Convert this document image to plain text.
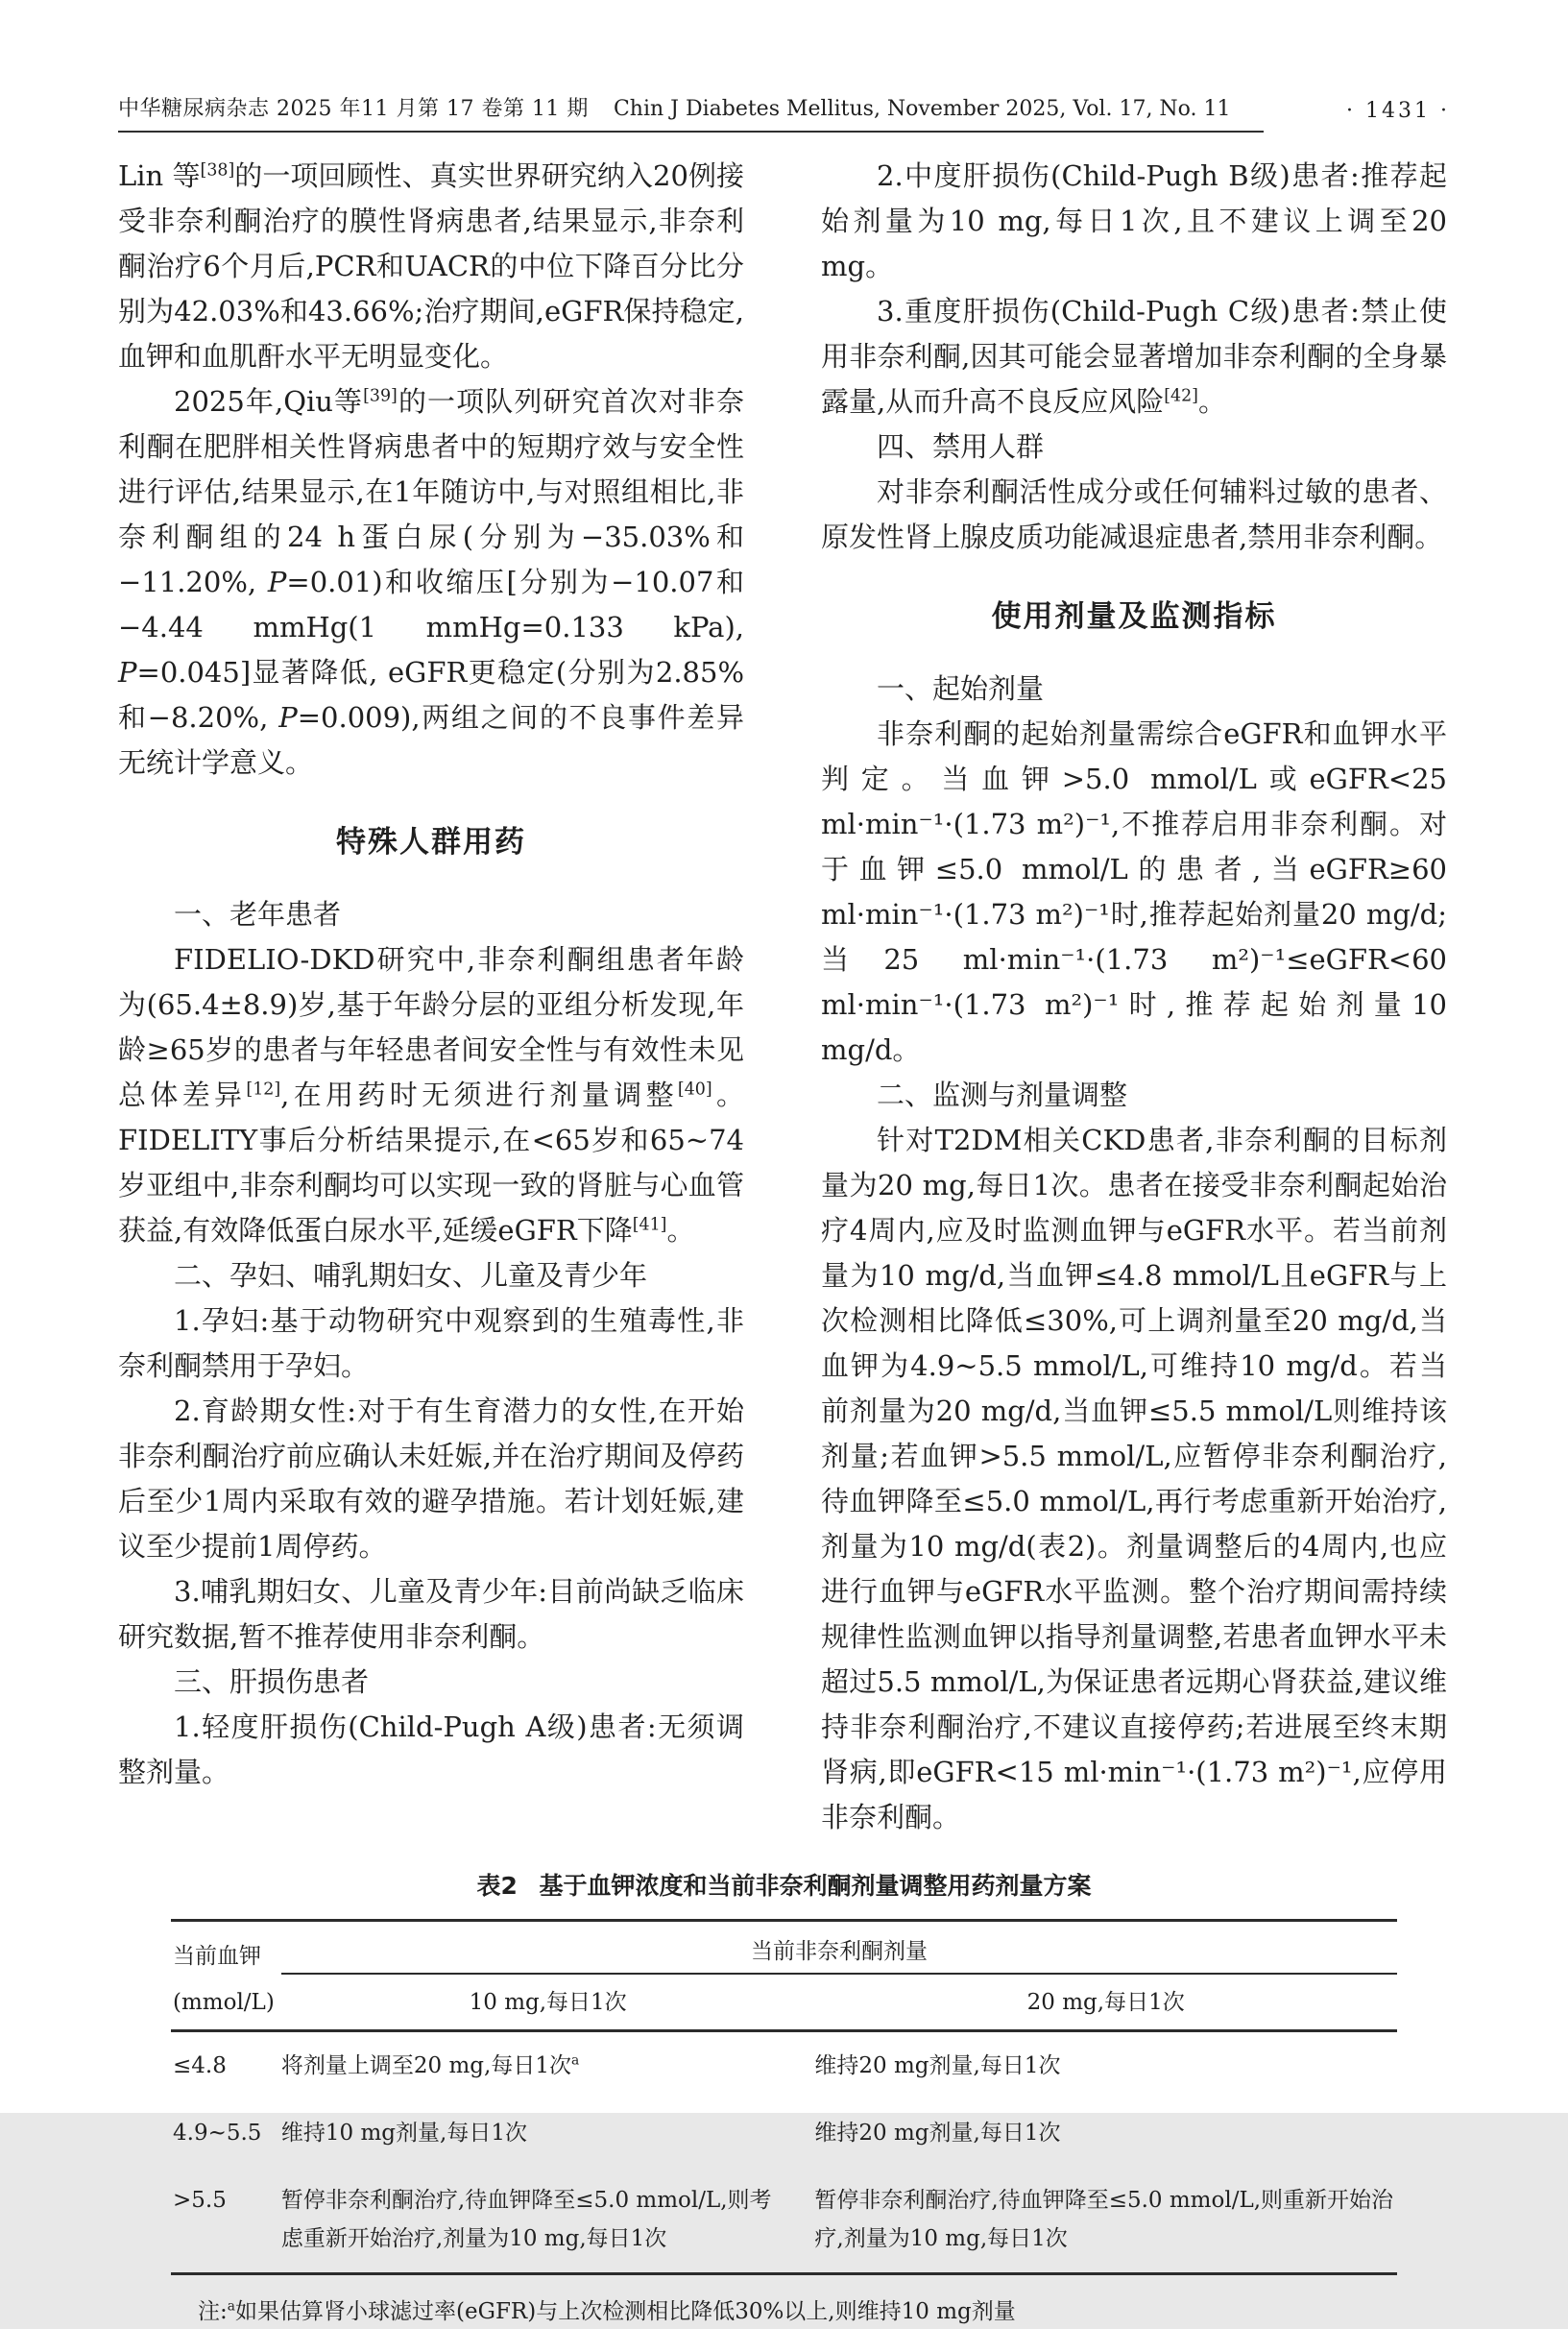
中华糖尿病杂志 2025 年11 月第 17 卷第 11 期 Chin J Diabetes Mellitus, November 2025, Vol. 17, No. 11	· 1431 ·

Lin 等[38]的一项回顾性、真实世界研究纳入20例接受非奈利酮治疗的膜性肾病患者,结果显示,非奈利酮治疗6个月后,PCR和UACR的中位下降百分比分别为42.03%和43.66%;治疗期间,eGFR保持稳定,血钾和血肌酐水平无明显变化。

2025年,Qiu等[39]的一项队列研究首次对非奈利酮在肥胖相关性肾病患者中的短期疗效与安全性进行评估,结果显示,在1年随访中,与对照组相比,非奈利酮组的24 h蛋白尿(分别为−35.03%和−11.20%, P=0.01)和收缩压[分别为−10.07和−4.44 mmHg(1 mmHg=0.133 kPa), P=0.045]显著降低, eGFR更稳定(分别为2.85%和−8.20%, P=0.009),两组之间的不良事件差异无统计学意义。

特殊人群用药

一、老年患者

FIDELIO-DKD研究中,非奈利酮组患者年龄为(65.4±8.9)岁,基于年龄分层的亚组分析发现,年龄≥65岁的患者与年轻患者间安全性与有效性未见总体差异[12],在用药时无须进行剂量调整[40]。FIDELITY事后分析结果提示,在<65岁和65~74岁亚组中,非奈利酮均可以实现一致的肾脏与心血管获益,有效降低蛋白尿水平,延缓eGFR下降[41]。

二、孕妇、哺乳期妇女、儿童及青少年

1.孕妇:基于动物研究中观察到的生殖毒性,非奈利酮禁用于孕妇。

2.育龄期女性:对于有生育潜力的女性,在开始非奈利酮治疗前应确认未妊娠,并在治疗期间及停药后至少1周内采取有效的避孕措施。若计划妊娠,建议至少提前1周停药。

3.哺乳期妇女、儿童及青少年:目前尚缺乏临床研究数据,暂不推荐使用非奈利酮。

三、肝损伤患者

1.轻度肝损伤(Child-Pugh A级)患者:无须调整剂量。

2.中度肝损伤(Child-Pugh B级)患者:推荐起始剂量为10 mg,每日1次,且不建议上调至20 mg。

3.重度肝损伤(Child-Pugh C级)患者:禁止使用非奈利酮,因其可能会显著增加非奈利酮的全身暴露量,从而升高不良反应风险[42]。

四、禁用人群

对非奈利酮活性成分或任何辅料过敏的患者、原发性肾上腺皮质功能减退症患者,禁用非奈利酮。

使用剂量及监测指标

一、起始剂量

非奈利酮的起始剂量需综合eGFR和血钾水平判定。当血钾>5.0 mmol/L或eGFR<25 ml·min⁻¹·(1.73 m²)⁻¹,不推荐启用非奈利酮。对于血钾≤5.0 mmol/L的患者,当eGFR≥60 ml·min⁻¹·(1.73 m²)⁻¹时,推荐起始剂量20 mg/d;当25 ml·min⁻¹·(1.73 m²)⁻¹≤eGFR<60 ml·min⁻¹·(1.73 m²)⁻¹时,推荐起始剂量10 mg/d。

二、监测与剂量调整

针对T2DM相关CKD患者,非奈利酮的目标剂量为20 mg,每日1次。患者在接受非奈利酮起始治疗4周内,应及时监测血钾与eGFR水平。若当前剂量为10 mg/d,当血钾≤4.8 mmol/L且eGFR与上次检测相比降低≤30%,可上调剂量至20 mg/d,当血钾为4.9~5.5 mmol/L,可维持10 mg/d。若当前剂量为20 mg/d,当血钾≤5.5 mmol/L则维持该剂量;若血钾>5.5 mmol/L,应暂停非奈利酮治疗,待血钾降至≤5.0 mmol/L,再行考虑重新开始治疗,剂量为10 mg/d(表2)。剂量调整后的4周内,也应进行血钾与eGFR水平监测。整个治疗期间需持续规律性监测血钾以指导剂量调整,若患者血钾水平未超过5.5 mmol/L,为保证患者远期心肾获益,建议维持非奈利酮治疗,不建议直接停药;若进展至终末期肾病,即eGFR<15 ml·min⁻¹·(1.73 m²)⁻¹,应停用非奈利酮。

表2 基于血钾浓度和当前非奈利酮剂量调整用药剂量方案
当前血钾
(mmol/L)	当前非奈利酮剂量	
	10 mg,每日1次	20 mg,每日1次
≤4.8	将剂量上调至20 mg,每日1次$^a$	维持20 mg剂量,每日1次
4.9~5.5	维持10 mg剂量,每日1次	维持20 mg剂量,每日1次
>5.5	暂停非奈利酮治疗,待血钾降至≤5.0 mmol/L,则考虑重新开始治疗,剂量为10 mg,每日1次	暂停非奈利酮治疗,待血钾降至≤5.0 mmol/L,则重新开始治疗,剂量为10 mg,每日1次
注:$^a$如果估算肾小球滤过率(eGFR)与上次检测相比降低30%以上,则维持10 mg剂量
